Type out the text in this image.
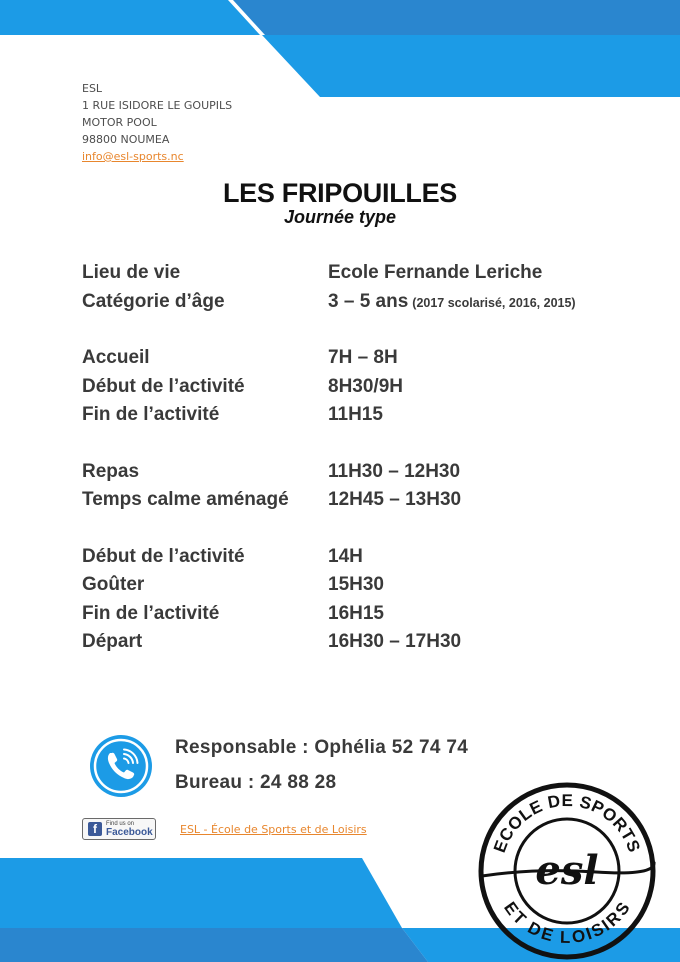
ESL
1 RUE ISIDORE LE GOUPILS
MOTOR POOL
98800 NOUMEA
info@esl-sports.nc
LES FRIPOUILLES
Journée type
Lieu de vie	Ecole Fernande Leriche
Catégorie d’âge	3 – 5 ans (2017 scolarisé, 2016, 2015)
Accueil	7H – 8H
Début de l’activité	8H30/9H
Fin de l’activité	11H15
Repas	11H30 – 12H30
Temps calme aménagé 12H45 – 13H30
Début de l’activité	14H
Goûter	15H30
Fin de l’activité	16H15
Départ	16H30 – 17H30
Responsable : Ophélia 52 74 74
Bureau : 24 88 28
f	Find us on
Facebook ESL - École de Sports et de Loisirs
ECOLE DE SPORTS
ET DE LOISIRS
esl
